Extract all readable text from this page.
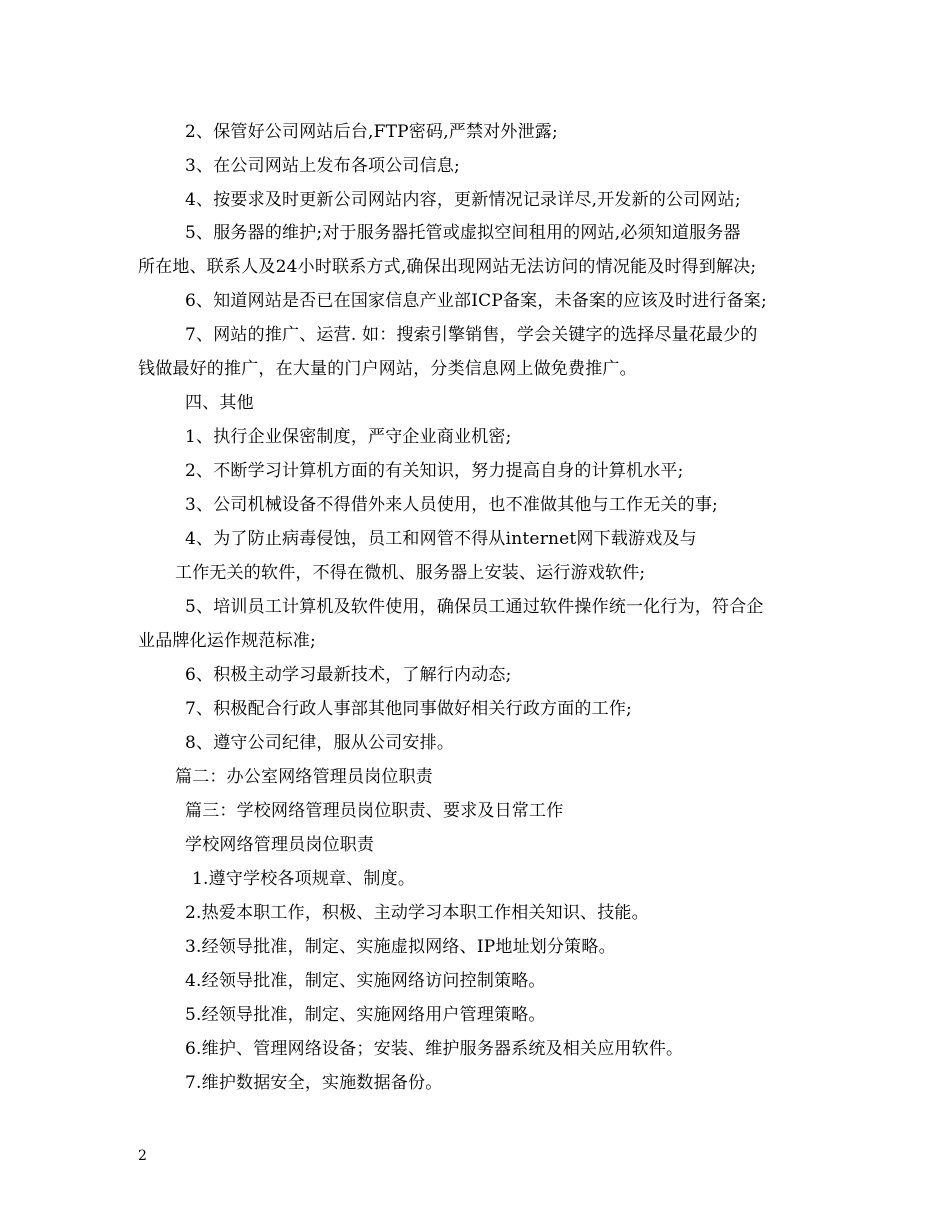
2、保管好公司网站后台,FTP密码,严禁对外泄露;
3、在公司网站上发布各项公司信息;
4、按要求及时更新公司网站内容，更新情况记录详尽,开发新的公司网站;
5、服务器的维护;对于服务器托管或虚拟空间租用的网站,必须知道服务器
所在地、联系人及24小时联系方式,确保出现网站无法访问的情况能及时得到解决;
6、知道网站是否已在国家信息产业部ICP备案，未备案的应该及时进行备案;
7、网站的推广、运营. 如：搜索引擎销售，学会关键字的选择尽量花最少的
钱做最好的推广，在大量的门户网站，分类信息网上做免费推广。
四、其他
1、执行企业保密制度，严守企业商业机密;
2、不断学习计算机方面的有关知识，努力提高自身的计算机水平;
3、公司机械设备不得借外来人员使用，也不准做其他与工作无关的事;
4、为了防止病毒侵蚀，员工和网管不得从internet网下载游戏及与
工作无关的软件，不得在微机、服务器上安装、运行游戏软件;
5、培训员工计算机及软件使用，确保员工通过软件操作统一化行为，符合企
业品牌化运作规范标准;
6、积极主动学习最新技术，了解行内动态;
7、积极配合行政人事部其他同事做好相关行政方面的工作;
8、遵守公司纪律，服从公司安排。
篇二：办公室网络管理员岗位职责
篇三：学校网络管理员岗位职责、要求及日常工作
学校网络管理员岗位职责
1.遵守学校各项规章、制度。
2.热爱本职工作，积极、主动学习本职工作相关知识、技能。
3.经领导批准，制定、实施虚拟网络、IP地址划分策略。
4.经领导批准，制定、实施网络访问控制策略。
5.经领导批准，制定、实施网络用户管理策略。
6.维护、管理网络设备；安装、维护服务器系统及相关应用软件。
7.维护数据安全，实施数据备份。
2
